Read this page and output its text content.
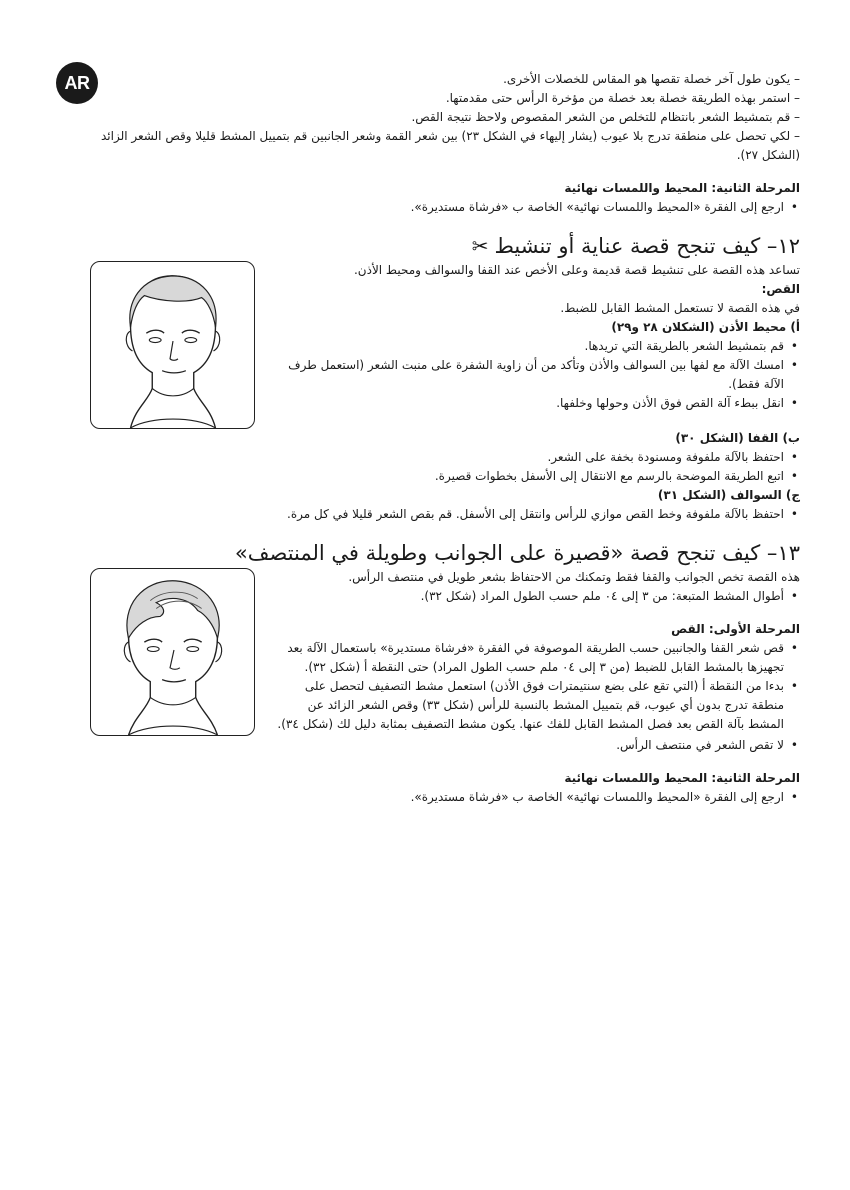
AR	– يكون طول آخر خصلة تقصها هو المقاس للخصلات الأخرى.
– استمر بهذه الطريقة خصلة بعد خصلة من مؤخرة الرأس حتى مقدمتها.
– قم بتمشيط الشعر بانتظام للتخلص من الشعر المقصوص ولاحظ نتيجة القص.
– لكي تحصل على منطقة تدرج بلا عيوب (يشار إليهاء في الشكل ٢٣) بين شعر القمة وشعر الجانبين قم بتمييل المشط قليلا وقص الشعر الزائد (الشكل ٢٧).
المرحلة الثانية: المحيط واللمسات نهائية
• ارجع إلى الفقرة «المحيط واللمسات نهائية» الخاصة ب «فرشاة مستديرة».
١٢– كيف تنجح قصة عناية أو تنشيط
✂
تساعد هذه القصة على تنشيط قصة قديمة وعلى الأخص عند القفا والسوالف ومحيط الأذن.
القص:
في هذه القصة لا تستعمل المشط القابل للضبط.
أ) محيط الأذن (الشكلان ٢٨ و٢٩)
• قم بتمشيط الشعر بالطريقة التي تريدها.
• امسك الآلة مع لفها بين السوالف والأذن وتأكد من أن زاوية الشفرة على منبت الشعر (استعمل طرف الآلة فقط).
• انقل ببطء آلة القص فوق الأذن وحولها وخلفها.
ب) القفا (الشكل ٣٠)
• احتفظ بالآلة ملفوفة ومسنودة بخفة على الشعر.
• اتبع الطريقة الموضحة بالرسم مع الانتقال إلى الأسفل بخطوات قصيرة.
ج) السوالف (الشكل ٣١)
• احتفظ بالآلة ملفوفة وخط القص موازي للرأس وانتقل إلى الأسفل. قم بقص الشعر قليلا في كل مرة.
١٣– كيف تنجح قصة «قصيرة على الجوانب وطويلة في المنتصف»
هذه القصة تخص الجوانب والقفا فقط وتمكنك من الاحتفاظ بشعر طويل في منتصف الرأس.
• أطوال المشط المتبعة: من ٣ إلى ٠٤ ملم حسب الطول المراد (شكل ٣٢).
المرحلة الأولى: القص
• قص شعر القفا والجانبين حسب الطريقة الموصوفة في الفقرة «فرشاة مستديرة» باستعمال الآلة بعد تجهيزها بالمشط القابل للضبط (من ٣ إلى ٠٤ ملم حسب الطول المراد) حتى النقطة أ (شكل ٣٢).
• بدءا من النقطة أ (التي تقع على بضع سنتيمترات فوق الأذن) استعمل مشط التصفيف لتحصل على منطقة تدرج بدون أي عيوب، قم بتمييل المشط بالنسبة للرأس (شكل ٣٣) وقص الشعر الزائد عن المشط بآلة القص بعد فصل المشط القابل للفك عنها. يكون مشط التصفيف بمثابة دليل لك (شكل ٣٤).
• لا تقص الشعر في منتصف الرأس.
المرحلة الثانية: المحيط واللمسات نهائية
• ارجع إلى الفقرة «المحيط واللمسات نهائية» الخاصة ب «فرشاة مستديرة».
